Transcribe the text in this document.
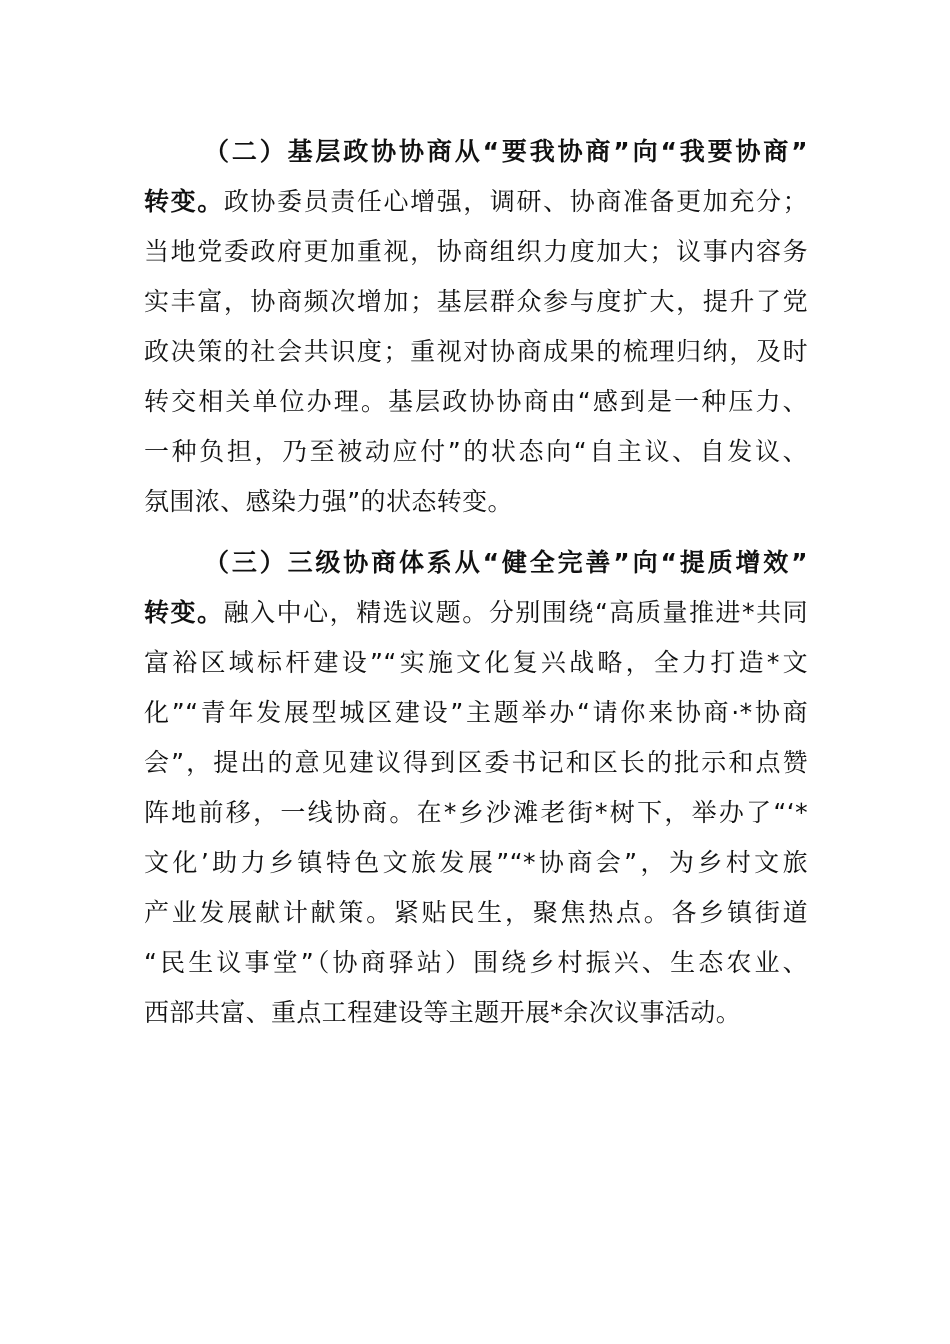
（二）基层政协协商从“要我协商”向“我要协商”
转变。政协委员责任心增强，调研、协商准备更加充分；
当地党委政府更加重视，协商组织力度加大；议事内容务
实丰富，协商频次增加；基层群众参与度扩大，提升了党
政决策的社会共识度；重视对协商成果的梳理归纳，及时
转交相关单位办理。基层政协协商由“感到是一种压力、
一种负担，乃至被动应付”的状态向“自主议、自发议、
氛围浓、感染力强”的状态转变。
（三）三级协商体系从“健全完善”向“提质增效”
转变。融入中心，精选议题。分别围绕“高质量推进*共同
富裕区域标杆建设”“实施文化复兴战略，全力打造*文
化”“青年发展型城区建设”主题举办“请你来协商·*协商
会”，提出的意见建议得到区委书记和区长的批示和点赞
阵地前移，一线协商。在*乡沙滩老街*树下，举办了“‘*
文化’助力乡镇特色文旅发展”“*协商会”，为乡村文旅
产业发展献计献策。紧贴民生，聚焦热点。各乡镇街道
“民生议事堂”（协商驿站）围绕乡村振兴、生态农业、
西部共富、重点工程建设等主题开展*余次议事活动。
